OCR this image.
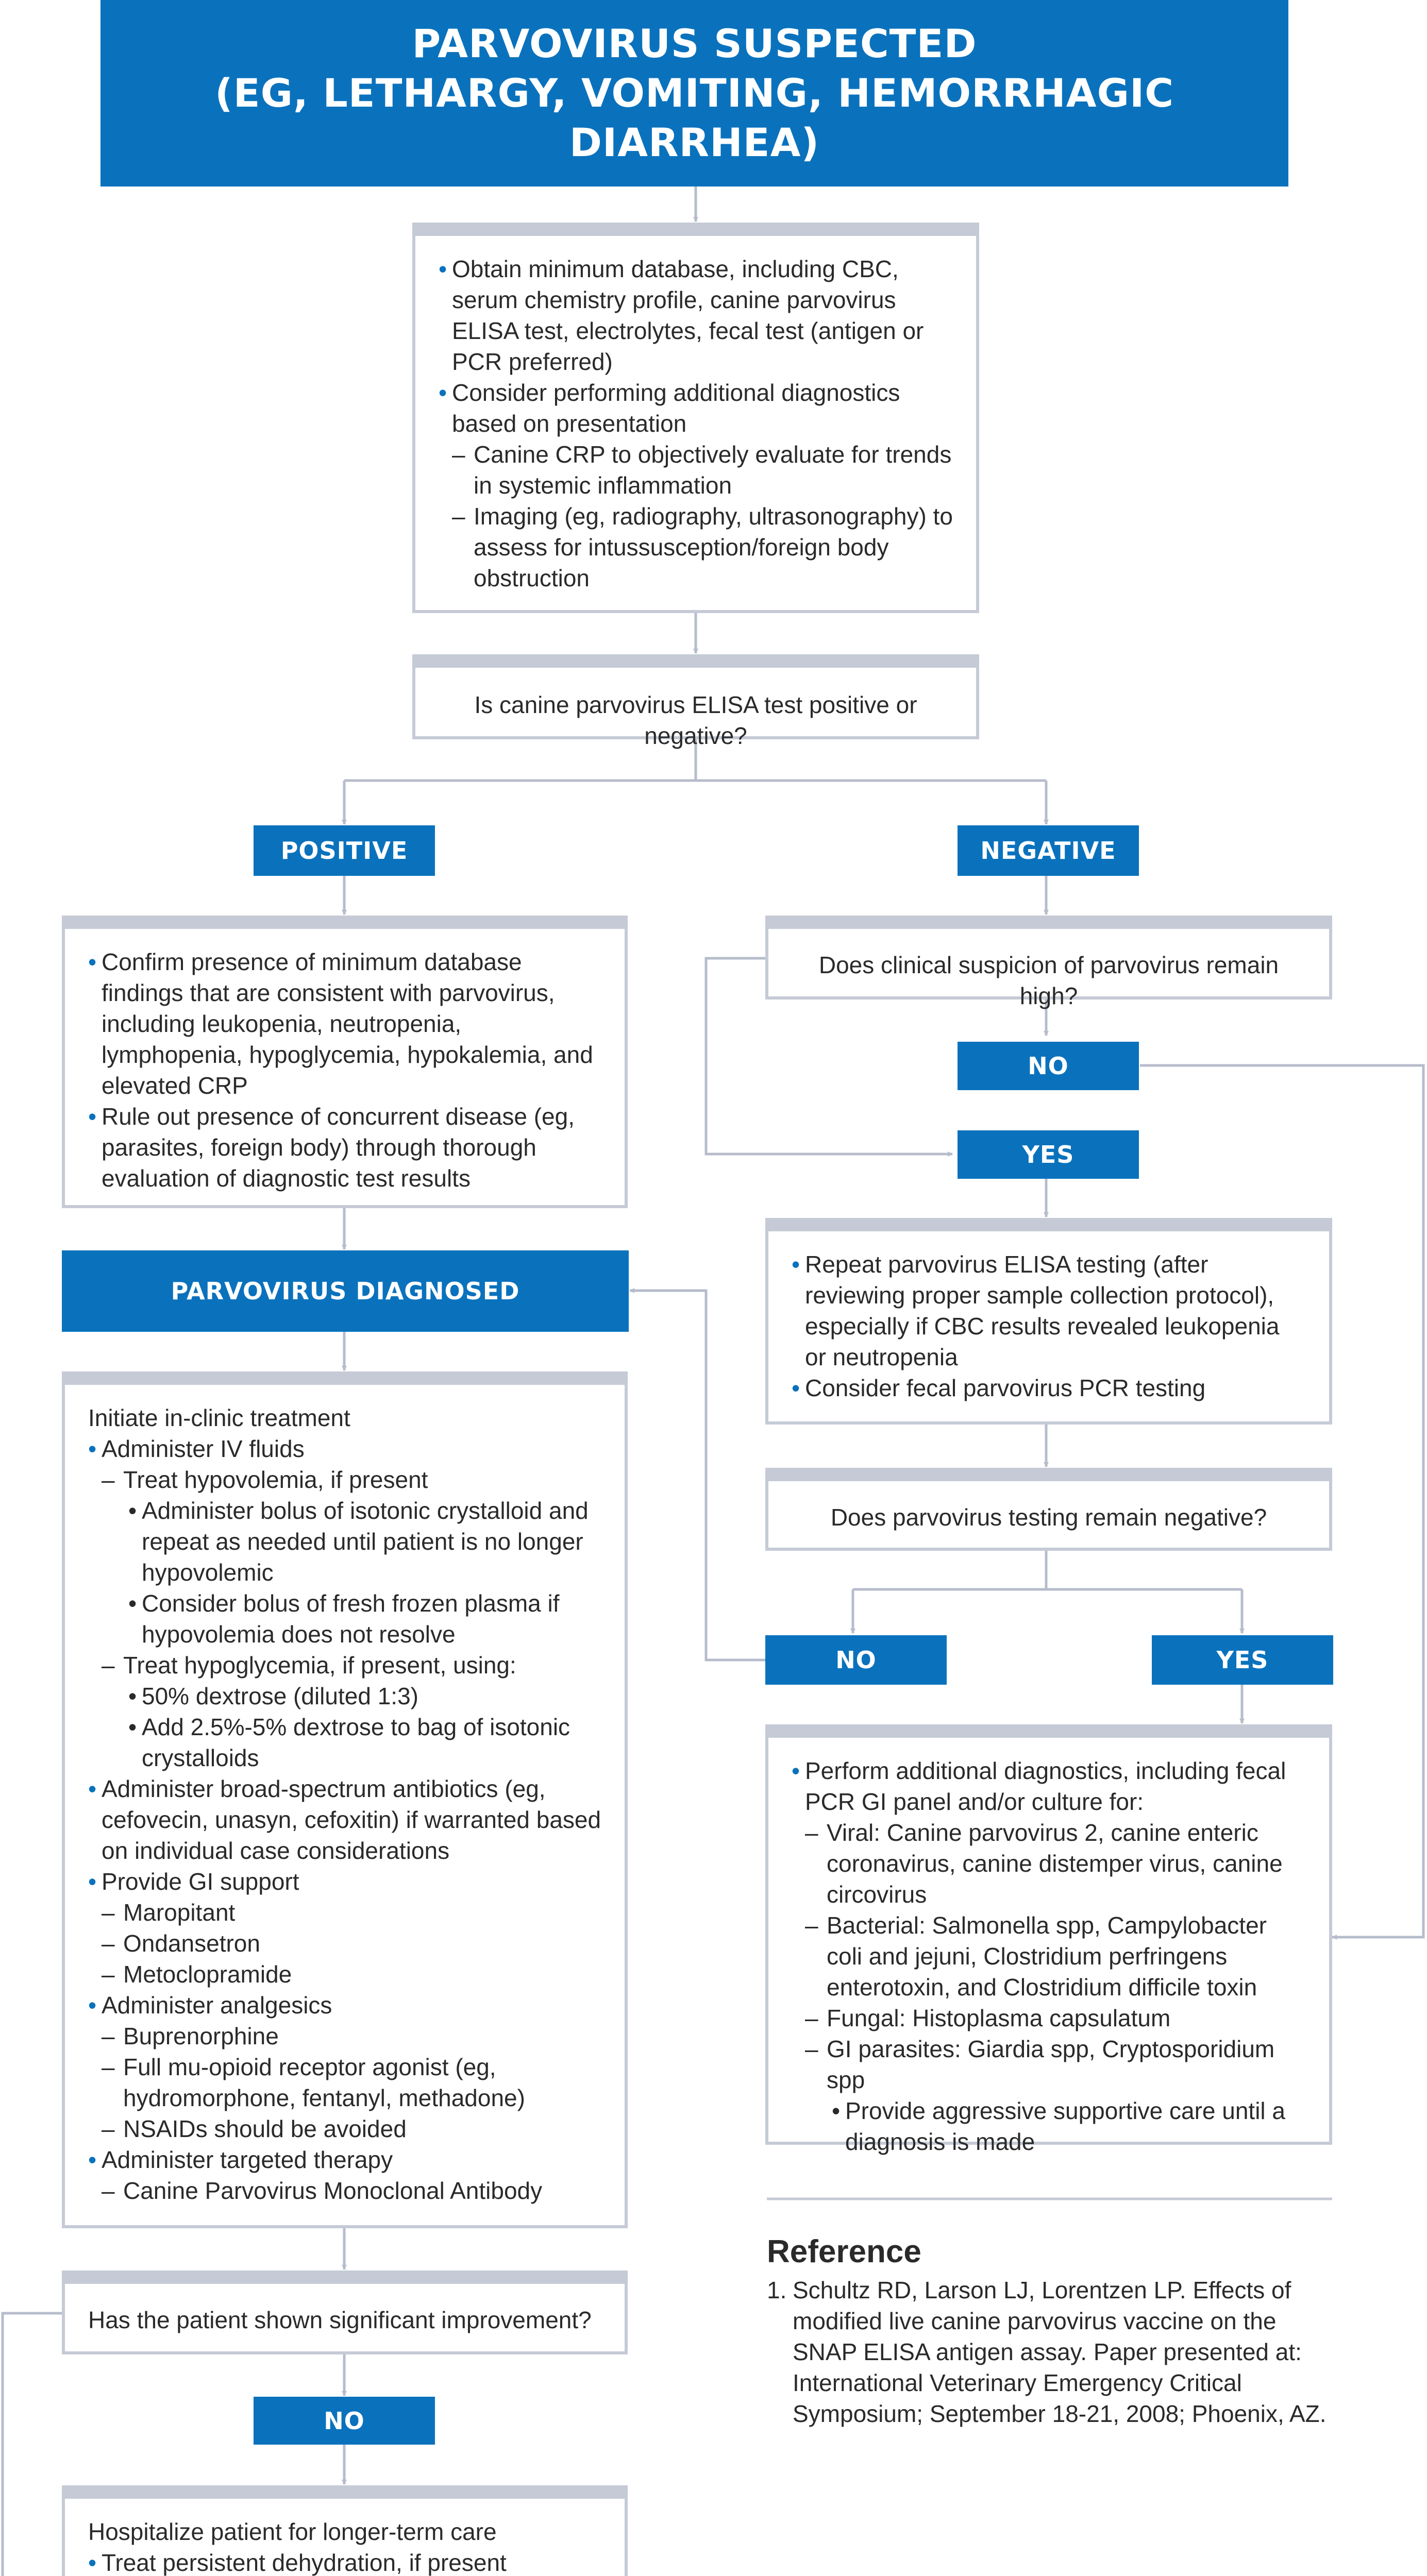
PARVOVIRUS SUSPECTED
(EG, LETHARGY, VOMITING, HEMORRHAGIC DIARRHEA)
• Obtain minimum database, including CBC, serum chemistry profile, canine parvovirus ELISA test, electrolytes, fecal test (antigen or PCR preferred)
• Consider performing additional diagnostics based on presentation
– Canine CRP to objectively evaluate for trends in systemic inflammation
– Imaging (eg, radiography, ultrasonography) to assess for intussusception/foreign body obstruction
Is canine parvovirus ELISA test positive or negative?
POSITIVE	NEGATIVE
• Confirm presence of minimum database findings that are consistent with parvovirus, including leukopenia, neutropenia, lymphopenia, hypoglycemia, hypokalemia, and elevated CRP
• Rule out presence of concurrent disease (eg, parasites, foreign body) through thorough evaluation of diagnostic test results
Does clinical suspicion of parvovirus remain high?
NO
YES
• Repeat parvovirus ELISA testing (after reviewing proper sample collection protocol), especially if CBC results revealed leukopenia or neutropenia
• Consider fecal parvovirus PCR testing
Does parvovirus testing remain negative?
NO	YES
• Perform additional diagnostics, including fecal PCR GI panel and/or culture for:
– Viral: Canine parvovirus 2, canine enteric coronavirus, canine distemper virus, canine circovirus
– Bacterial: Salmonella spp, Campylobacter coli and jejuni, Clostridium perfringens enterotoxin, and Clostridium difficile toxin
– Fungal: Histoplasma capsulatum
– GI parasites: Giardia spp, Cryptosporidium spp
• Provide aggressive supportive care until a diagnosis is made
PARVOVIRUS DIAGNOSED
Initiate in-clinic treatment
• Administer IV fluids
– Treat hypovolemia, if present
• Administer bolus of isotonic crystalloid and repeat as needed until patient is no longer hypovolemic
• Consider bolus of fresh frozen plasma if hypovolemia does not resolve
– Treat hypoglycemia, if present, using:
• 50% dextrose (diluted 1:3)
• Add 2.5%-5% dextrose to bag of isotonic crystalloids
• Administer broad-spectrum antibiotics (eg, cefovecin, unasyn, cefoxitin) if warranted based on individual case considerations
• Provide GI support
– Maropitant
– Ondansetron
– Metoclopramide
• Administer analgesics
– Buprenorphine
– Full mu-opioid receptor agonist (eg, hydromorphone, fentanyl, methadone)
– NSAIDs should be avoided
• Administer targeted therapy
– Canine Parvovirus Monoclonal Antibody
Has the patient shown significant improvement?
NO
Hospitalize patient for longer-term care
• Treat persistent dehydration, if present
Reference
1. Schultz RD, Larson LJ, Lorentzen LP. Effects of modified live canine parvovirus vaccine on the SNAP ELISA antigen assay. Paper presented at: International Veterinary Emergency Critical Symposium; September 18-21, 2008; Phoenix, AZ.
